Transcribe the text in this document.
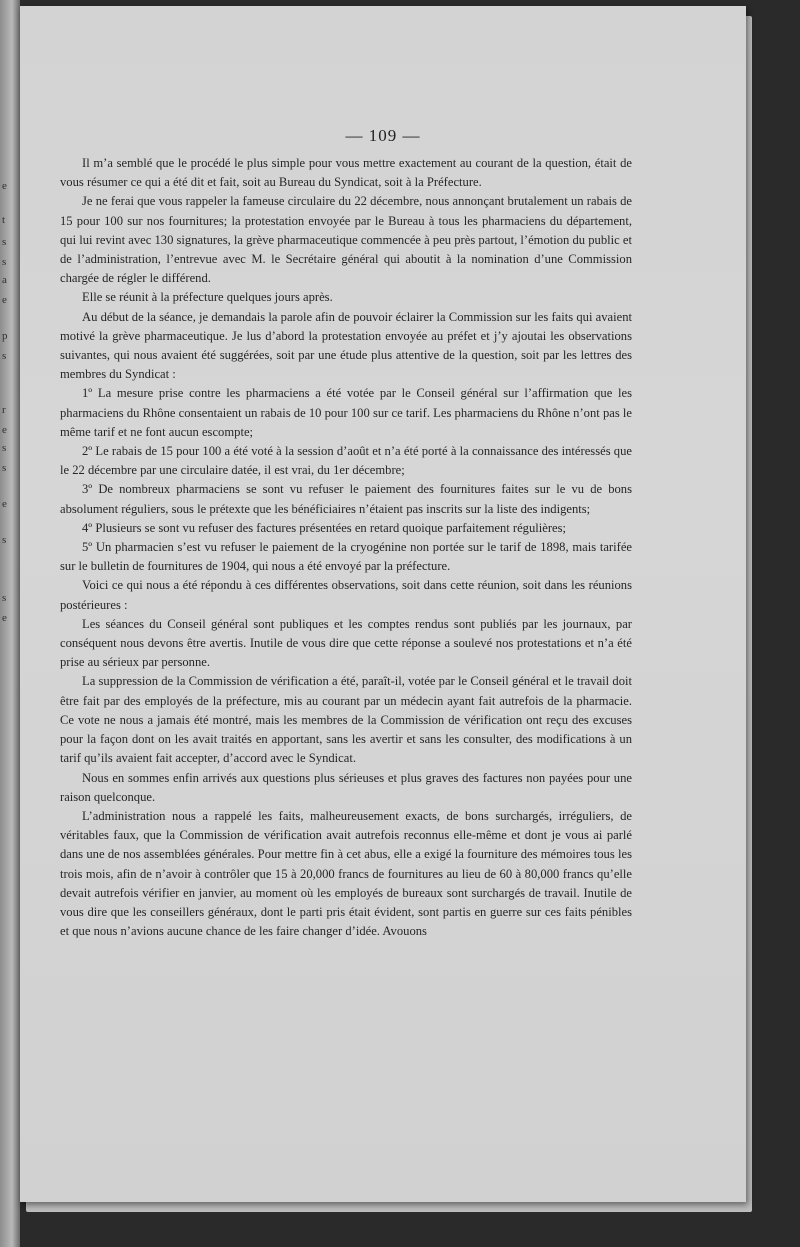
e
t
s
s
a
e
p
s
r
e
s
s
e
s
s
e
— 109 —

Il m’a semblé que le procédé le plus simple pour vous mettre exactement au courant de la question, était de vous résumer ce qui a été dit et fait, soit au Bureau du Syndicat, soit à la Préfecture.

Je ne ferai que vous rappeler la fameuse circulaire du 22 décembre, nous annonçant brutalement un rabais de 15 pour 100 sur nos fournitures; la protestation envoyée par le Bureau à tous les pharmaciens du département, qui lui revint avec 130 signatures, la grève pharmaceutique commencée à peu près partout, l’émotion du public et de l’administration, l’entrevue avec M. le Secrétaire général qui aboutit à la nomination d’une Commission chargée de régler le différend.

Elle se réunit à la préfecture quelques jours après.

Au début de la séance, je demandais la parole afin de pouvoir éclairer la Commission sur les faits qui avaient motivé la grève pharmaceutique. Je lus d’abord la protestation envoyée au préfet et j’y ajoutai les observations suivantes, qui nous avaient été suggérées, soit par une étude plus attentive de la question, soit par les lettres des membres du Syndicat :

1º La mesure prise contre les pharmaciens a été votée par le Conseil général sur l’affirmation que les pharmaciens du Rhône consentaient un rabais de 10 pour 100 sur ce tarif. Les pharmaciens du Rhône n’ont pas le même tarif et ne font aucun escompte;

2º Le rabais de 15 pour 100 a été voté à la session d’août et n’a été porté à la connaissance des intéressés que le 22 décembre par une circulaire datée, il est vrai, du 1er décembre;

3º De nombreux pharmaciens se sont vu refuser le paiement des fournitures faites sur le vu de bons absolument réguliers, sous le prétexte que les bénéficiaires n’étaient pas inscrits sur la liste des indigents;

4º Plusieurs se sont vu refuser des factures présentées en retard quoique parfaitement régulières;

5º Un pharmacien s’est vu refuser le paiement de la cryogénine non portée sur le tarif de 1898, mais tarifée sur le bulletin de fournitures de 1904, qui nous a été envoyé par la préfecture.

Voici ce qui nous a été répondu à ces différentes observations, soit dans cette réunion, soit dans les réunions postérieures :

Les séances du Conseil général sont publiques et les comptes rendus sont publiés par les journaux, par conséquent nous devons être avertis. Inutile de vous dire que cette réponse a soulevé nos protestations et n’a été prise au sérieux par personne.

La suppression de la Commission de vérification a été, paraît-il, votée par le Conseil général et le travail doit être fait par des employés de la préfecture, mis au courant par un médecin ayant fait autrefois de la pharmacie. Ce vote ne nous a jamais été montré, mais les membres de la Commission de vérification ont reçu des excuses pour la façon dont on les avait traités en apportant, sans les avertir et sans les consulter, des modifications à un tarif qu’ils avaient fait accepter, d’accord avec le Syndicat.

Nous en sommes enfin arrivés aux questions plus sérieuses et plus graves des factures non payées pour une raison quelconque.

L’administration nous a rappelé les faits, malheureusement exacts, de bons surchargés, irréguliers, de véritables faux, que la Commission de vérification avait autrefois reconnus elle-même et dont je vous ai parlé dans une de nos assemblées générales. Pour mettre fin à cet abus, elle a exigé la fourniture des mémoires tous les trois mois, afin de n’avoir à contrôler que 15 à 20,000 francs de fournitures au lieu de 60 à 80,000 francs qu’elle devait autrefois vérifier en janvier, au moment où les employés de bureaux sont surchargés de travail. Inutile de vous dire que les conseillers généraux, dont le parti pris était évident, sont partis en guerre sur ces faits pénibles et que nous n’avions aucune chance de les faire changer d’idée. Avouons
